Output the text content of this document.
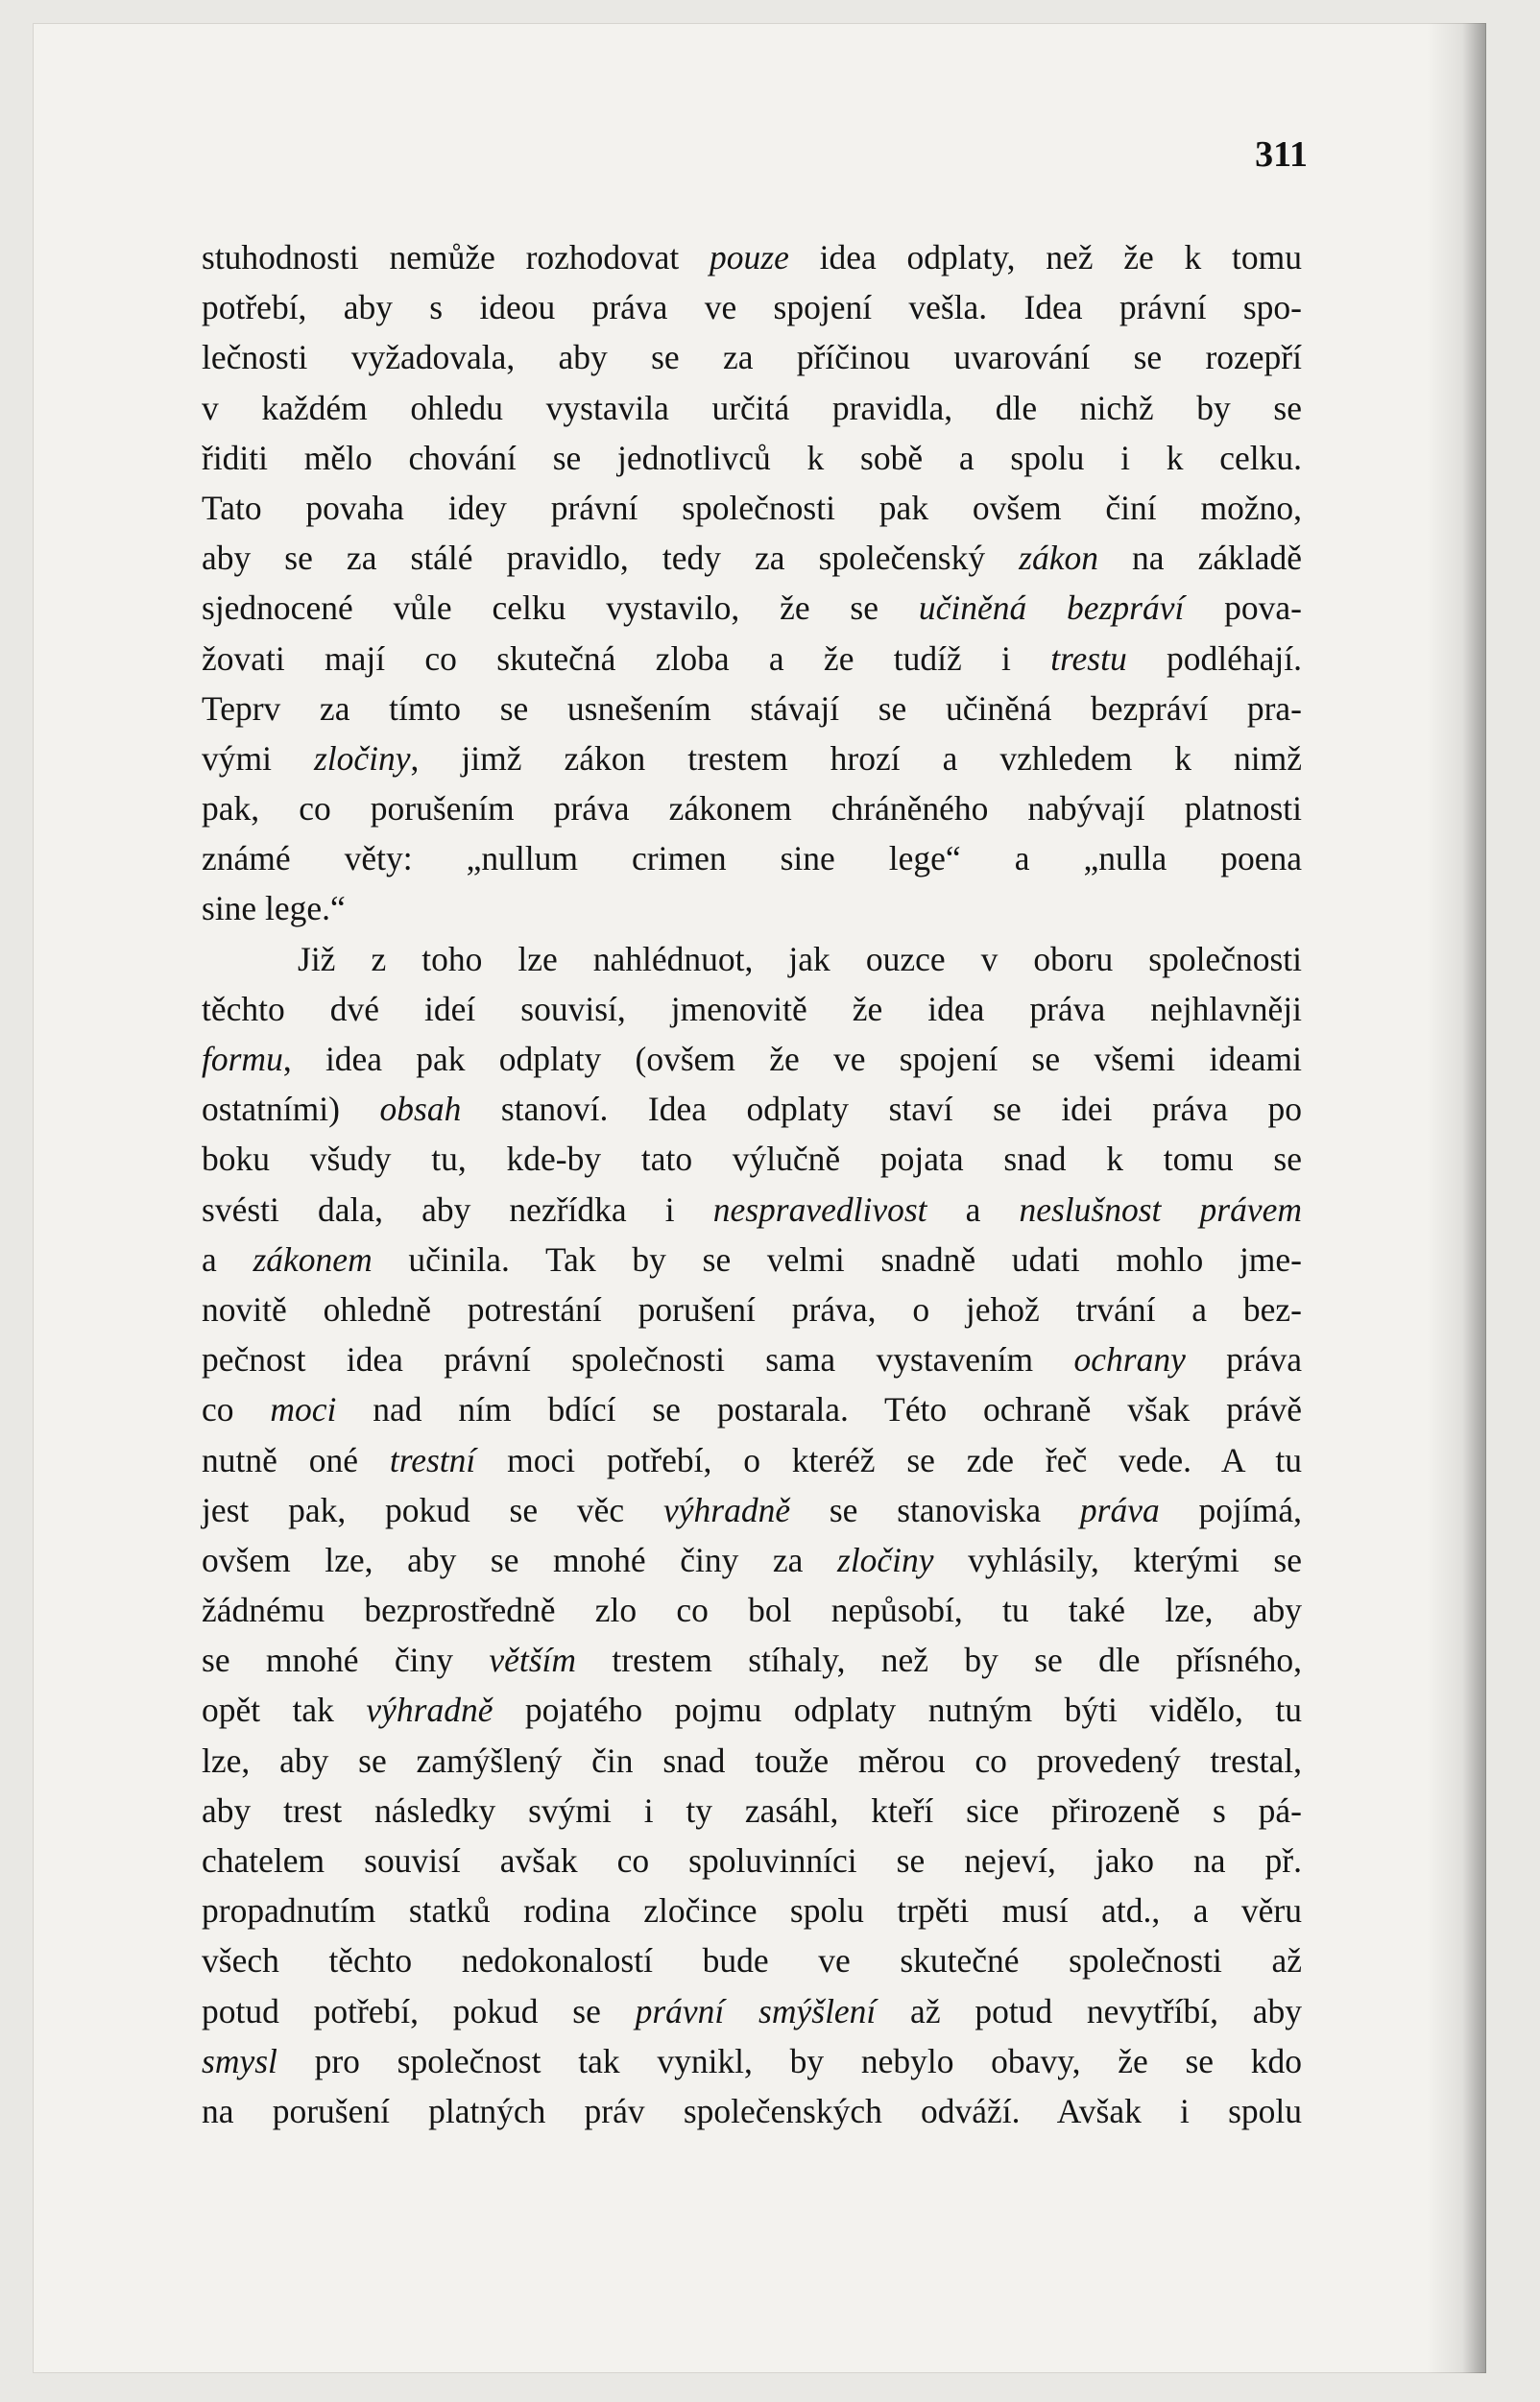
311
stuhodnosti nemůže rozhodovat pouze idea odplaty, než že k tomu
potřebí, aby s ideou práva ve spojení vešla. Idea právní spo-
lečnosti vyžadovala, aby se za příčinou uvarování se rozepří
v každém ohledu vystavila určitá pravidla, dle nichž by se
řiditi mělo chování se jednotlivců k sobě a spolu i k celku.
Tato povaha idey právní společnosti pak ovšem činí možno,
aby se za stálé pravidlo, tedy za společenský zákon na základě
sjednocené vůle celku vystavilo, že se učiněná bezpráví pova-
žovati mají co skutečná zloba a že tudíž i trestu podléhají.
Teprv za tímto se usnešením stávají se učiněná bezpráví pra-
vými zločiny, jimž zákon trestem hrozí a vzhledem k nimž
pak, co porušením práva zákonem chráněného nabývají platnosti
známé věty: „nullum crimen sine lege“ a „nulla poena
sine lege.“
Již z toho lze nahlédnuot, jak ouzce v oboru společnosti
těchto dvé ideí souvisí, jmenovitě že idea práva nejhlavněji
formu, idea pak odplaty (ovšem že ve spojení se všemi ideami
ostatními) obsah stanoví. Idea odplaty staví se idei práva po
boku všudy tu, kde-by tato výlučně pojata snad k tomu se
svésti dala, aby nezřídka i nespravedlivost a neslušnost právem
a zákonem učinila. Tak by se velmi snadně udati mohlo jme-
novitě ohledně potrestání porušení práva, o jehož trvání a bez-
pečnost idea právní společnosti sama vystavením ochrany práva
co moci nad ním bdící se postarala. Této ochraně však právě
nutně oné trestní moci potřebí, o kteréž se zde řeč vede. A tu
jest pak, pokud se věc výhradně se stanoviska práva pojímá,
ovšem lze, aby se mnohé činy za zločiny vyhlásily, kterými se
žádnému bezprostředně zlo co bol nepůsobí, tu také lze, aby
se mnohé činy větším trestem stíhaly, než by se dle přísného,
opět tak výhradně pojatého pojmu odplaty nutným býti vidělo, tu
lze, aby se zamýšlený čin snad touže měrou co provedený trestal,
aby trest následky svými i ty zasáhl, kteří sice přirozeně s pá-
chatelem souvisí avšak co spoluvinníci se nejeví, jako na př.
propadnutím statků rodina zločince spolu trpěti musí atd., a věru
všech těchto nedokonalostí bude ve skutečné společnosti až
potud potřebí, pokud se právní smýšlení až potud nevytříbí, aby
smysl pro společnost tak vynikl, by nebylo obavy, že se kdo
na porušení platných práv společenských odváží. Avšak i spolu
